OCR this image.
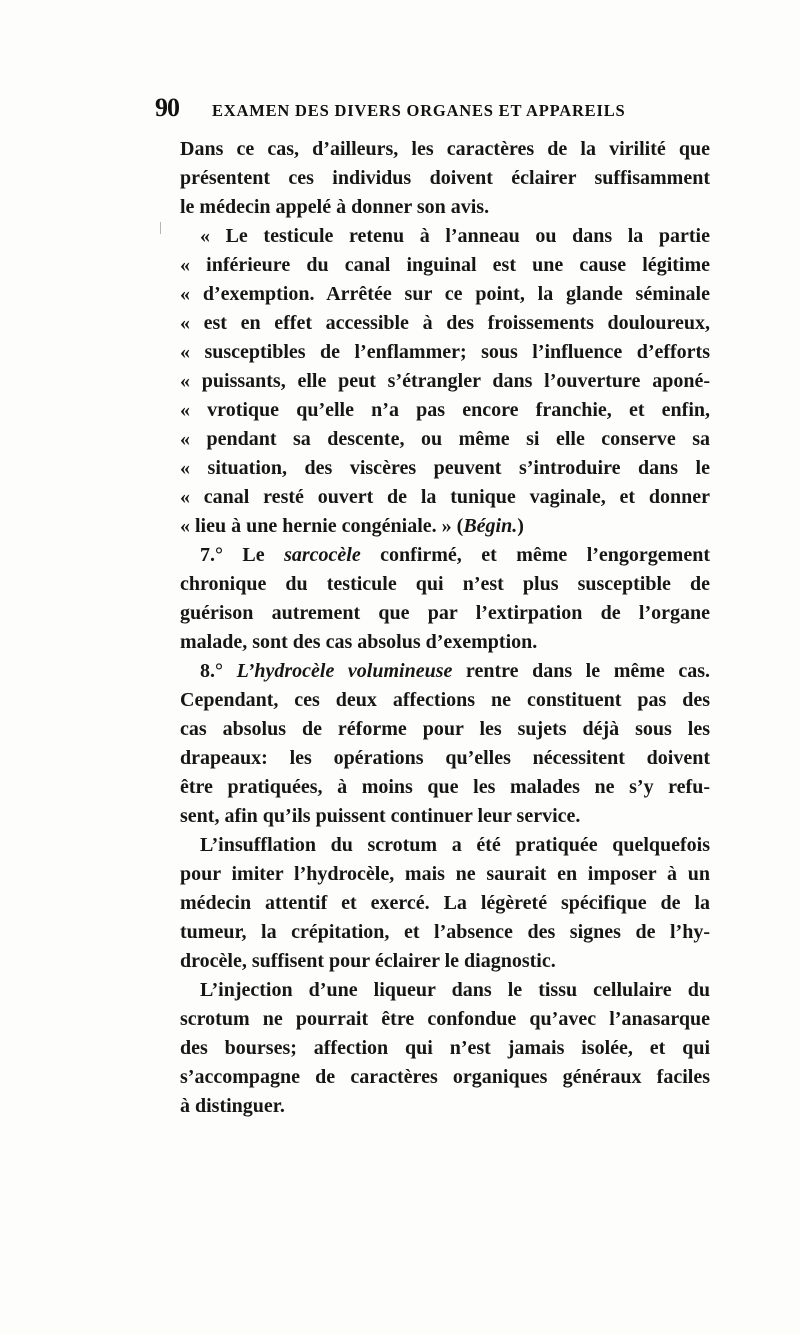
90 EXAMEN DES DIVERS ORGANES ET APPAREILS
Dans ce cas, d’ailleurs, les caractères de la virilité que
présentent ces individus doivent éclairer suffisamment
le médecin appelé à donner son avis.
« Le testicule retenu à l’anneau ou dans la partie
« inférieure du canal inguinal est une cause légitime
« d’exemption. Arrêtée sur ce point, la glande séminale
« est en effet accessible à des froissements douloureux,
« susceptibles de l’enflammer; sous l’influence d’efforts
« puissants, elle peut s’étrangler dans l’ouverture aponé-
« vrotique qu’elle n’a pas encore franchie, et enfin,
« pendant sa descente, ou même si elle conserve sa
« situation, des viscères peuvent s’introduire dans le
« canal resté ouvert de la tunique vaginale, et donner
« lieu à une hernie congéniale. » (Bégin.)
7.° Le sarcocèle confirmé, et même l’engorgement
chronique du testicule qui n’est plus susceptible de
guérison autrement que par l’extirpation de l’organe
malade, sont des cas absolus d’exemption.
8.° L’hydrocèle volumineuse rentre dans le même cas.
Cependant, ces deux affections ne constituent pas des
cas absolus de réforme pour les sujets déjà sous les
drapeaux: les opérations qu’elles nécessitent doivent
être pratiquées, à moins que les malades ne s’y refu-
sent, afin qu’ils puissent continuer leur service.
L’insufflation du scrotum a été pratiquée quelquefois
pour imiter l’hydrocèle, mais ne saurait en imposer à un
médecin attentif et exercé. La légèreté spécifique de la
tumeur, la crépitation, et l’absence des signes de l’hy-
drocèle, suffisent pour éclairer le diagnostic.
L’injection d’une liqueur dans le tissu cellulaire du
scrotum ne pourrait être confondue qu’avec l’anasarque
des bourses; affection qui n’est jamais isolée, et qui
s’accompagne de caractères organiques généraux faciles
à distinguer.
